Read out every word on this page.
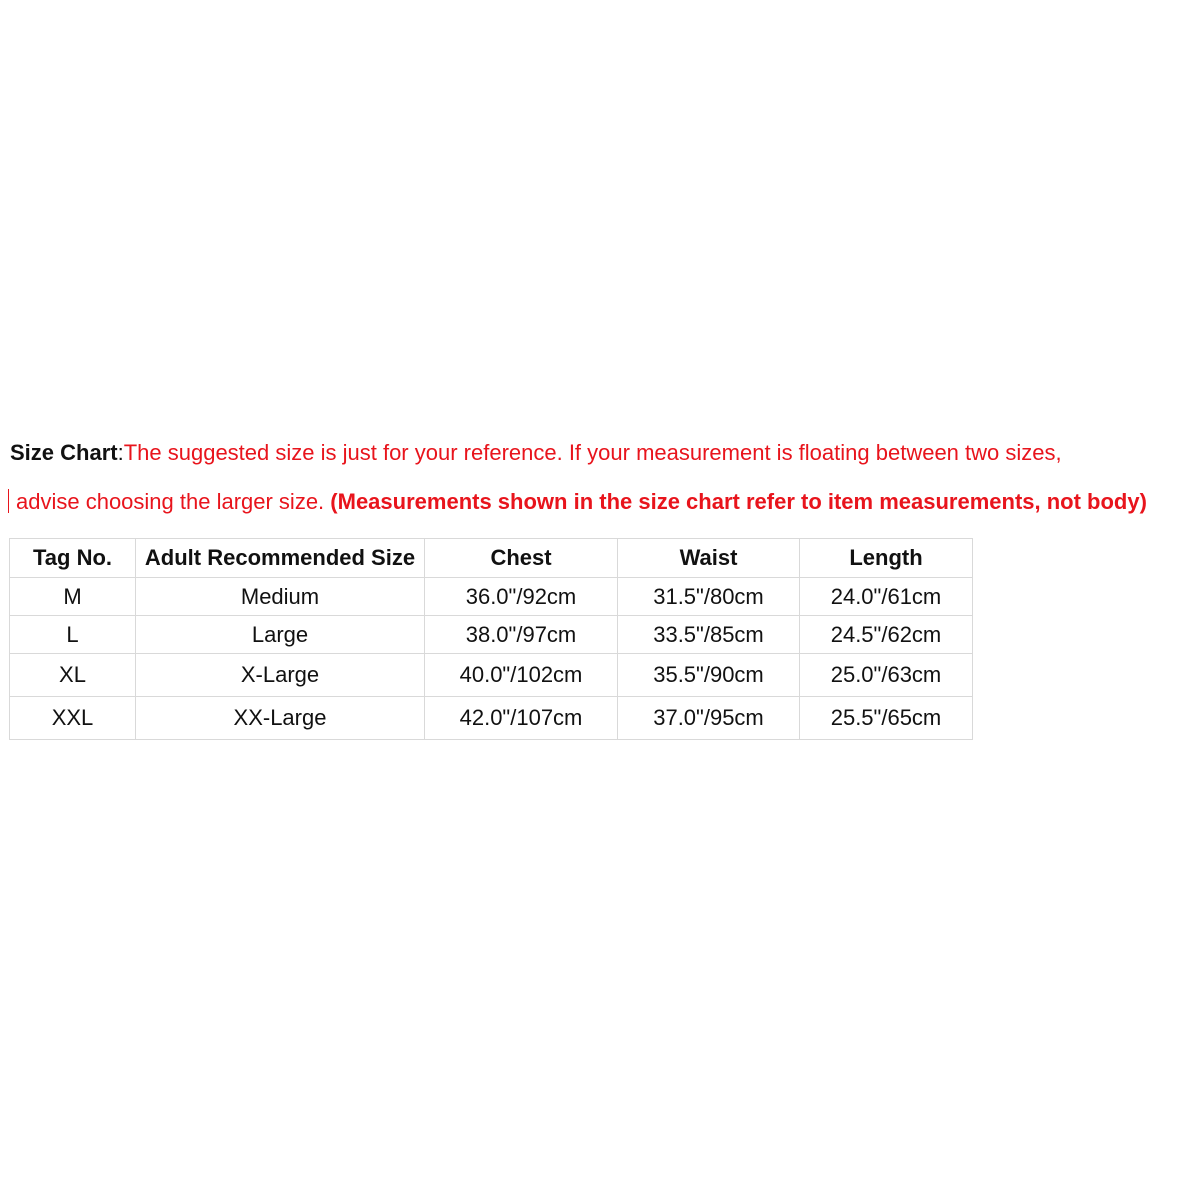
Size Chart:The suggested size is just for your reference. If your measurement is floating between two sizes,
advise choosing the larger size. (Measurements shown in the size chart refer to item measurements, not body)
Tag No.	Adult Recommended Size	Chest	Waist	Length
M	Medium	36.0"/92cm	31.5"/80cm	24.0"/61cm
L	Large	38.0"/97cm	33.5"/85cm	24.5"/62cm
XL	X-Large	40.0"/102cm	35.5"/90cm	25.0"/63cm
XXL	XX-Large	42.0"/107cm	37.0"/95cm	25.5"/65cm
